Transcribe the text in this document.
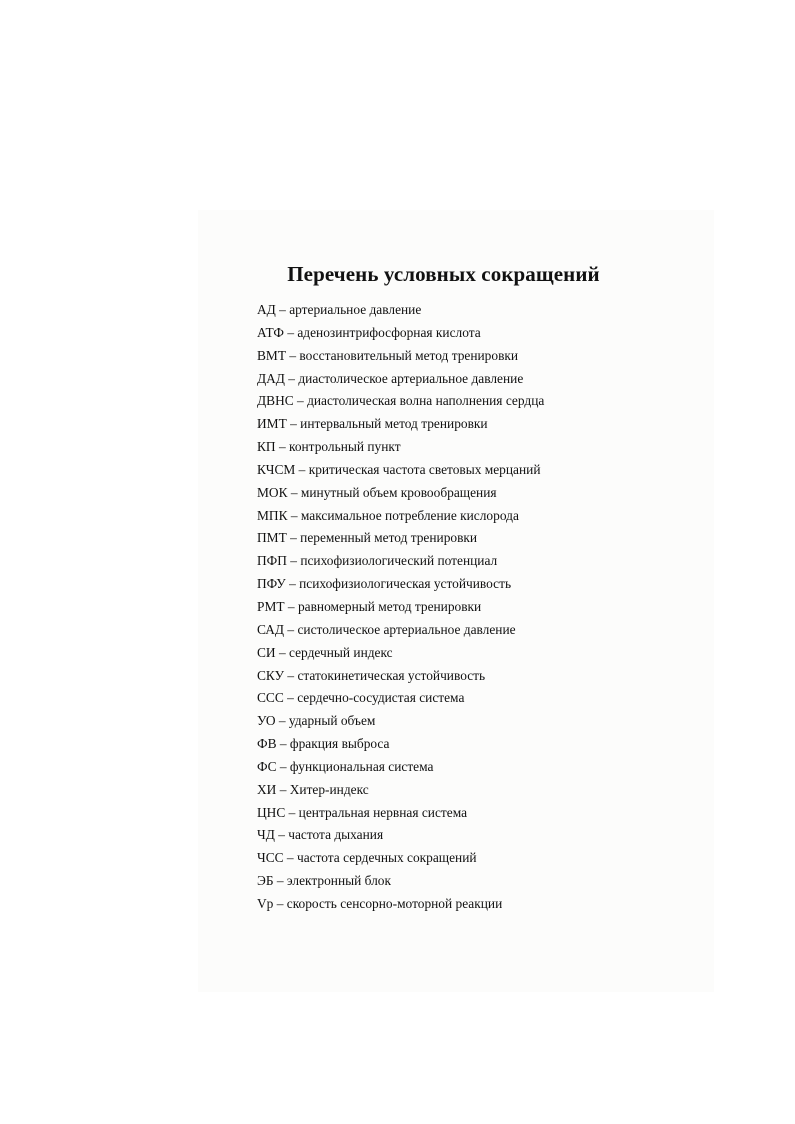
Перечень условных сокращений
АД – артериальное давление
АТФ – аденозинтрифосфорная кислота
ВМТ – восстановительный метод тренировки
ДАД – диастолическое артериальное давление
ДВНС – диастолическая волна наполнения сердца
ИМТ – интервальный метод тренировки
КП – контрольный пункт
КЧСМ – критическая частота световых мерцаний
МОК – минутный объем кровообращения
МПК – максимальное потребление кислорода
ПМТ – переменный метод тренировки
ПФП – психофизиологический потенциал
ПФУ – психофизиологическая устойчивость
РМТ – равномерный метод тренировки
САД – систолическое артериальное давление
СИ – сердечный индекс
СКУ – статокинетическая устойчивость
ССС – сердечно-сосудистая система
УО – ударный объем
ФВ – фракция выброса
ФС – функциональная система
ХИ – Хитер-индекс
ЦНС – центральная нервная система
ЧД – частота дыхания
ЧСС – частота сердечных сокращений
ЭБ – электронный блок
Vp – скорость сенсорно-моторной реакции
